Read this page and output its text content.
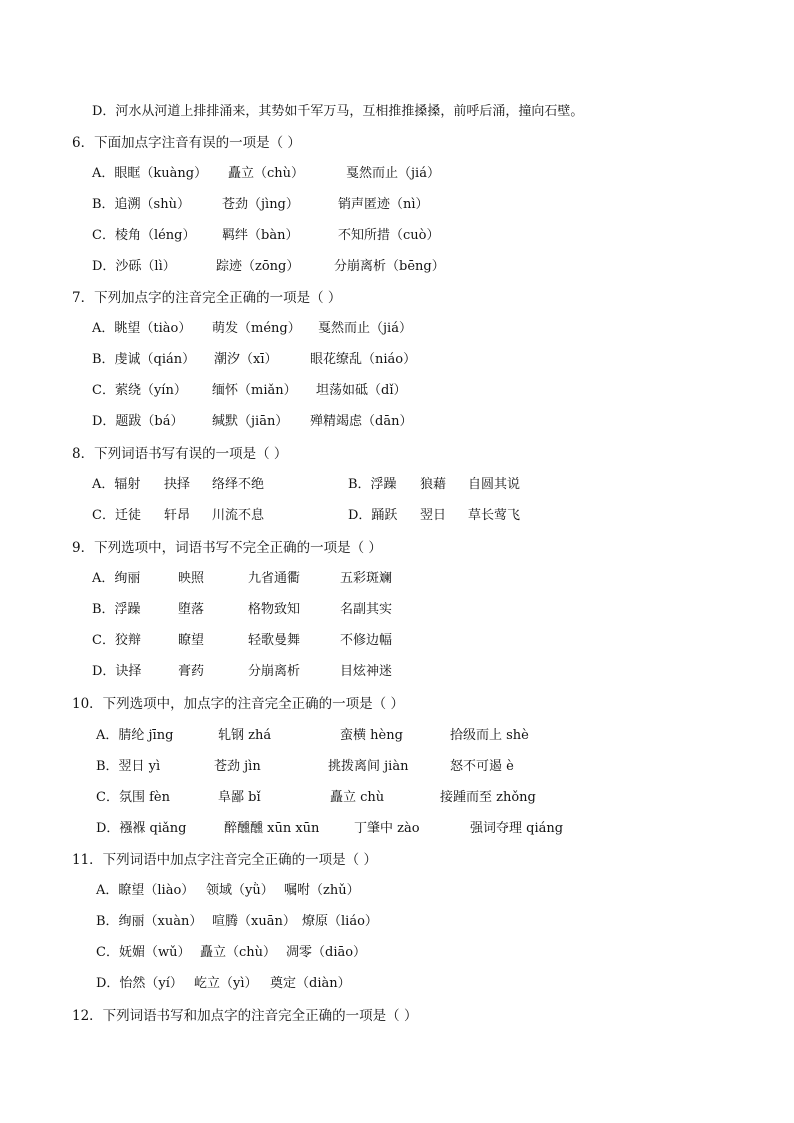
D．河水从河道上排排涌来，其势如千军万马，互相推推搡搡，前呼后涌，撞向石壁。
6．下面加点字注音有误的一项是（ ）
A．眼眶（kuàng） 矗立（chù）	戛然而止（jiá）
B．追溯（shù） 苍劲（jìng）	销声匿迹（nì）
C．棱角（léng） 羁绊（bàn）	不知所措（cuò）
D．沙砾（lì）	踪迹（zōng）	分崩离析（bēng）
7．下列加点字的注音完全正确的一项是（ ）
A．眺望（tiào） 萌发（méng） 戛然而止（jiá）
B．虔诚（qián） 潮汐（xī）	眼花缭乱（niáo）
C．萦绕（yín） 缅怀（miǎn） 坦荡如砥（dǐ）
D．题跋（bá） 缄默（jiān） 殚精竭虑（dān）
8．下列词语书写有误的一项是（ ）
A．辐射 抉择 络绎不绝	B．浮躁 狼藉 自圆其说
C．迁徒 轩昂 川流不息	D．踊跃 翌日 草长莺飞
9．下列选项中，词语书写不完全正确的一项是（ ）
A．绚丽	映照	九省通衢	五彩斑斓
B．浮躁	堕落	格物致知	名副其实
C．狡辩	瞭望	轻歌曼舞	不修边幅
D．诀择	膏药	分崩离析	目炫神迷
10．下列选项中，加点字的注音完全正确的一项是（ ）
A．腈纶 jīng	轧钢 zhá	蛮横 hèng	拾级而上 shè
B．翌日 yì	苍劲 jìn	挑拨离间 jiàn	怒不可遏 è
C．氛围 fèn	阜鄙 bǐ	矗立 chù	接踵而至 zhǒng
D．襁褓 qiǎng	醉醺醺 xūn xūn	丁肇中 zào	强词夺理 qiáng
11．下列词语中加点字注音完全正确的一项是（ ）
A．瞭望（liào） 领域（yǜ） 嘱咐（zhǔ）
B．绚丽（xuàn） 喧腾（xuān） 燎原（liáo）
C．妩媚（wǔ） 矗立（chù） 凋零（diāo）
D．怡然（yí） 屹立（yì） 奠定（diàn）
12．下列词语书写和加点字的注音完全正确的一项是（ ）
